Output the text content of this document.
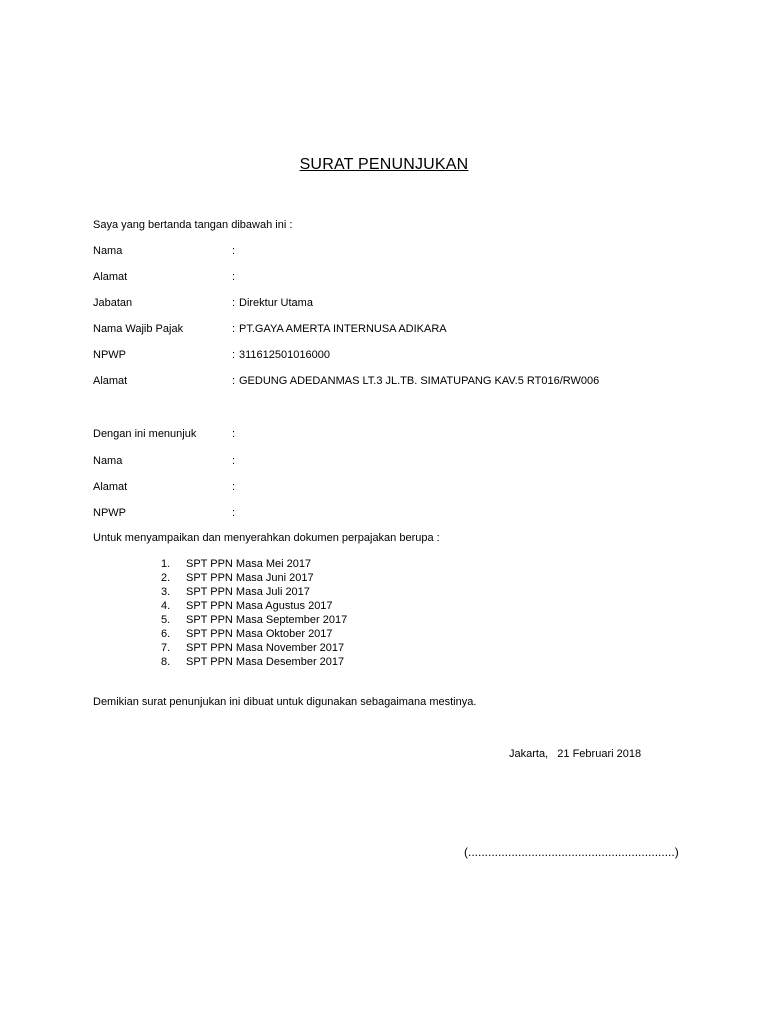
SURAT PENUNJUKAN
Saya yang bertanda tangan dibawah ini :
Nama	:
Alamat	:
Jabatan	: Direktur Utama
Nama Wajib Pajak	: PT.GAYA AMERTA INTERNUSA ADIKARA
NPWP	: 311612501016000
Alamat	: GEDUNG ADEDANMAS LT.3 JL.TB. SIMATUPANG KAV.5 RT016/RW006
Dengan ini menunjuk	:
Nama	:
Alamat	:
NPWP	:
Untuk menyampaikan dan menyerahkan dokumen perpajakan berupa :
1.	SPT PPN Masa Mei 2017
2.	SPT PPN Masa Juni 2017
3.	SPT PPN Masa Juli 2017
4.	SPT PPN Masa Agustus 2017
5.	SPT PPN Masa September 2017
6.	SPT PPN Masa Oktober 2017
7.	SPT PPN Masa November 2017
8.	SPT PPN Masa Desember 2017
Demikian surat penunjukan ini dibuat untuk digunakan sebagaimana mestinya.
Jakarta,   21 Februari 2018
(..............................................................)
